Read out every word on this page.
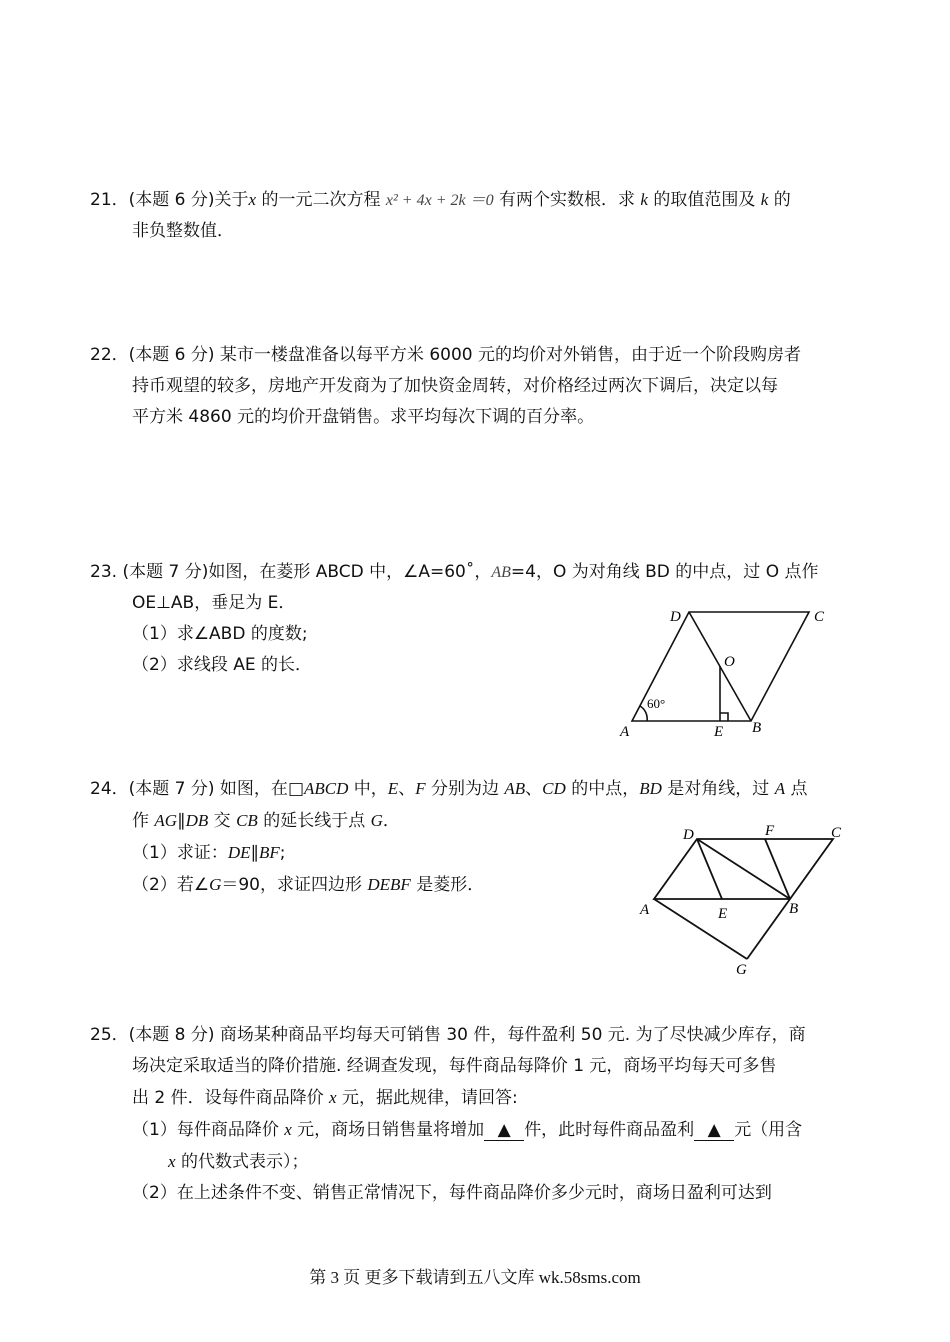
21．(本题 6 分)关于x 的一元二次方程 x² + 4x + 2k ＝0 有两个实数根．求 k 的取值范围及 k 的
非负整数值．
22．(本题 6 分) 某市一楼盘准备以每平方米 6000 元的均价对外销售，由于近一个阶段购房者
持币观望的较多，房地产开发商为了加快资金周转，对价格经过两次下调后，决定以每
平方米 4860 元的均价开盘销售。求平均每次下调的百分率。
23. (本题 7 分)如图，在菱形 ABCD 中，∠A=60˚，AB=4，O 为对角线 BD 的中点，过 O 点作
OE⊥AB，垂足为 E．
（1）求∠ABD 的度数;
（2）求线段 AE 的长．
D	C
O
A	E B
60°
24．(本题 7 分) 如图，在□ABCD 中，E、F 分别为边 AB、CD 的中点，BD 是对角线，过 A 点
作 AG∥DB 交 CB 的延长线于点 G．
（1）求证：DE∥BF;
（2）若∠G＝90，求证四边形 DEBF 是菱形．
D	F	C
A	E	B
G
25．(本题 8 分) 商场某种商品平均每天可销售 30 件，每件盈利 50 元. 为了尽快减少库存，商
场决定采取适当的降价措施. 经调查发现，每件商品每降价 1 元，商场平均每天可多售
出 2 件．设每件商品降价 x 元，据此规律，请回答:
（1）每件商品降价 x 元，商场日销售量将增加 ▲ 件，此时每件商品盈利 ▲ 元（用含
x 的代数式表示）；
（2）在上述条件不变、销售正常情况下，每件商品降价多少元时，商场日盈利可达到
第 3 页 更多下载请到五八文库 wk.58sms.com
